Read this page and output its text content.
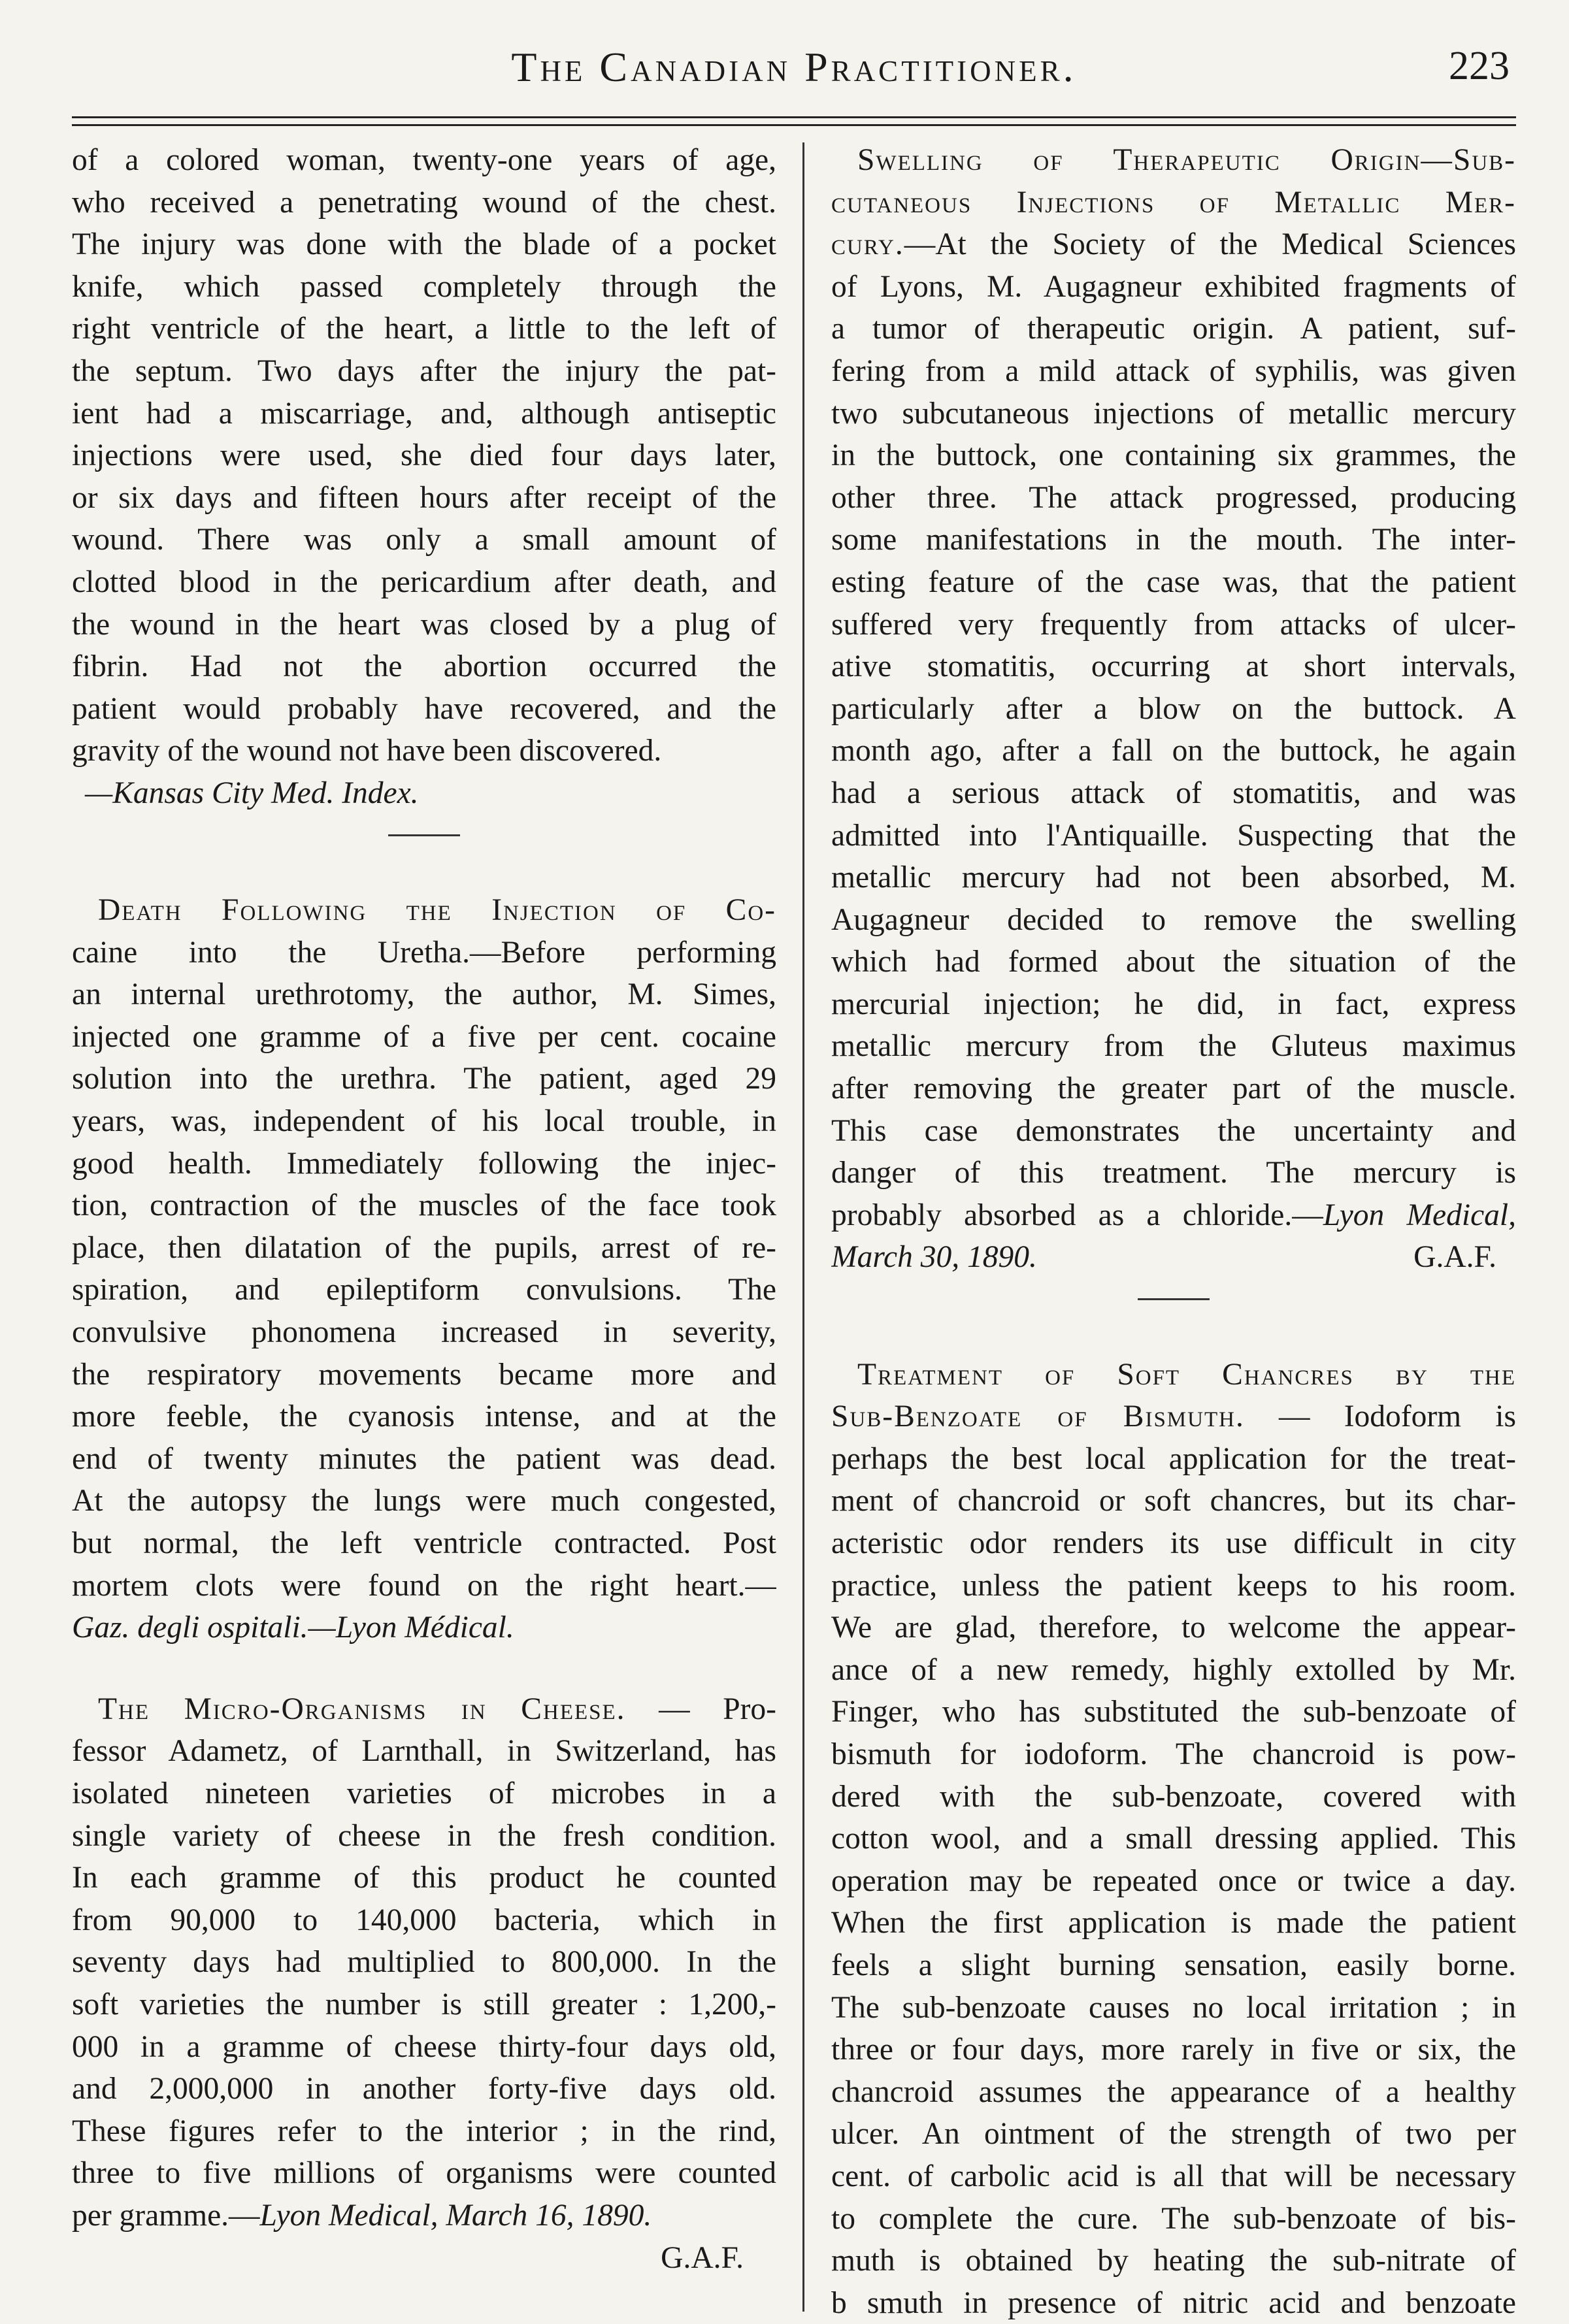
The Canadian Practitioner.	223
of a colored woman, twenty-one years of age,
who received a penetrating wound of the chest.
The injury was done with the blade of a pocket
knife, which passed completely through the
right ventricle of the heart, a little to the left of
the septum. Two days after the injury the pat-
ient had a miscarriage, and, although antiseptic
injections were used, she died four days later,
or six days and fifteen hours after receipt of the
wound. There was only a small amount of
clotted blood in the pericardium after death, and
the wound in the heart was closed by a plug of
fibrin. Had not the abortion occurred the
patient would probably have recovered, and the
gravity of the wound not have been discovered.
—Kansas City Med. Index.
Death Following the Injection of Co-
caine into the Uretha.—Before performing
an internal urethrotomy, the author, M. Simes,
injected one gramme of a five per cent. cocaine
solution into the urethra. The patient, aged 29
years, was, independent of his local trouble, in
good health. Immediately following the injec-
tion, contraction of the muscles of the face took
place, then dilatation of the pupils, arrest of re-
spiration, and epileptiform convulsions. The
convulsive phonomena increased in severity,
the respiratory movements became more and
more feeble, the cyanosis intense, and at the
end of twenty minutes the patient was dead.
At the autopsy the lungs were much congested,
but normal, the left ventricle contracted. Post
mortem clots were found on the right heart.—
Gaz. degli ospitali.—Lyon Médical.
The Micro-Organisms in Cheese. — Pro-
fessor Adametz, of Larnthall, in Switzerland, has
isolated nineteen varieties of microbes in a
single variety of cheese in the fresh condition.
In each gramme of this product he counted
from 90,000 to 140,000 bacteria, which in
seventy days had multiplied to 800,000. In the
soft varieties the number is still greater : 1,200,-
000 in a gramme of cheese thirty-four days old,
and 2,000,000 in another forty-five days old.
These figures refer to the interior ; in the rind,
three to five millions of organisms were counted
per gramme.—Lyon Medical, March 16, 1890.
G.A.F.
Swelling of Therapeutic Origin—Sub-
cutaneous Injections of Metallic Mer-
cury.—At the Society of the Medical Sciences
of Lyons, M. Augagneur exhibited fragments of
a tumor of therapeutic origin. A patient, suf-
fering from a mild attack of syphilis, was given
two subcutaneous injections of metallic mercury
in the buttock, one containing six grammes, the
other three. The attack progressed, producing
some manifestations in the mouth. The inter-
esting feature of the case was, that the patient
suffered very frequently from attacks of ulcer-
ative stomatitis, occurring at short intervals,
particularly after a blow on the buttock. A
month ago, after a fall on the buttock, he again
had a serious attack of stomatitis, and was
admitted into l'Antiquaille. Suspecting that the
metallic mercury had not been absorbed, M.
Augagneur decided to remove the swelling
which had formed about the situation of the
mercurial injection; he did, in fact, express
metallic mercury from the Gluteus maximus
after removing the greater part of the muscle.
This case demonstrates the uncertainty and
danger of this treatment. The mercury is
probably absorbed as a chloride.—Lyon Medical,
March 30, 1890.	G.A.F.
Treatment of Soft Chancres by the
Sub-Benzoate of Bismuth. — Iodoform is
perhaps the best local application for the treat-
ment of chancroid or soft chancres, but its char-
acteristic odor renders its use difficult in city
practice, unless the patient keeps to his room.
We are glad, therefore, to welcome the appear-
ance of a new remedy, highly extolled by Mr.
Finger, who has substituted the sub-benzoate of
bismuth for iodoform. The chancroid is pow-
dered with the sub-benzoate, covered with
cotton wool, and a small dressing applied. This
operation may be repeated once or twice a day.
When the first application is made the patient
feels a slight burning sensation, easily borne.
The sub-benzoate causes no local irritation ; in
three or four days, more rarely in five or six, the
chancroid assumes the appearance of a healthy
ulcer. An ointment of the strength of two per
cent. of carbolic acid is all that will be necessary
to complete the cure. The sub-benzoate of bis-
muth is obtained by heating the sub-nitrate of
b smuth in presence of nitric acid and benzoate
